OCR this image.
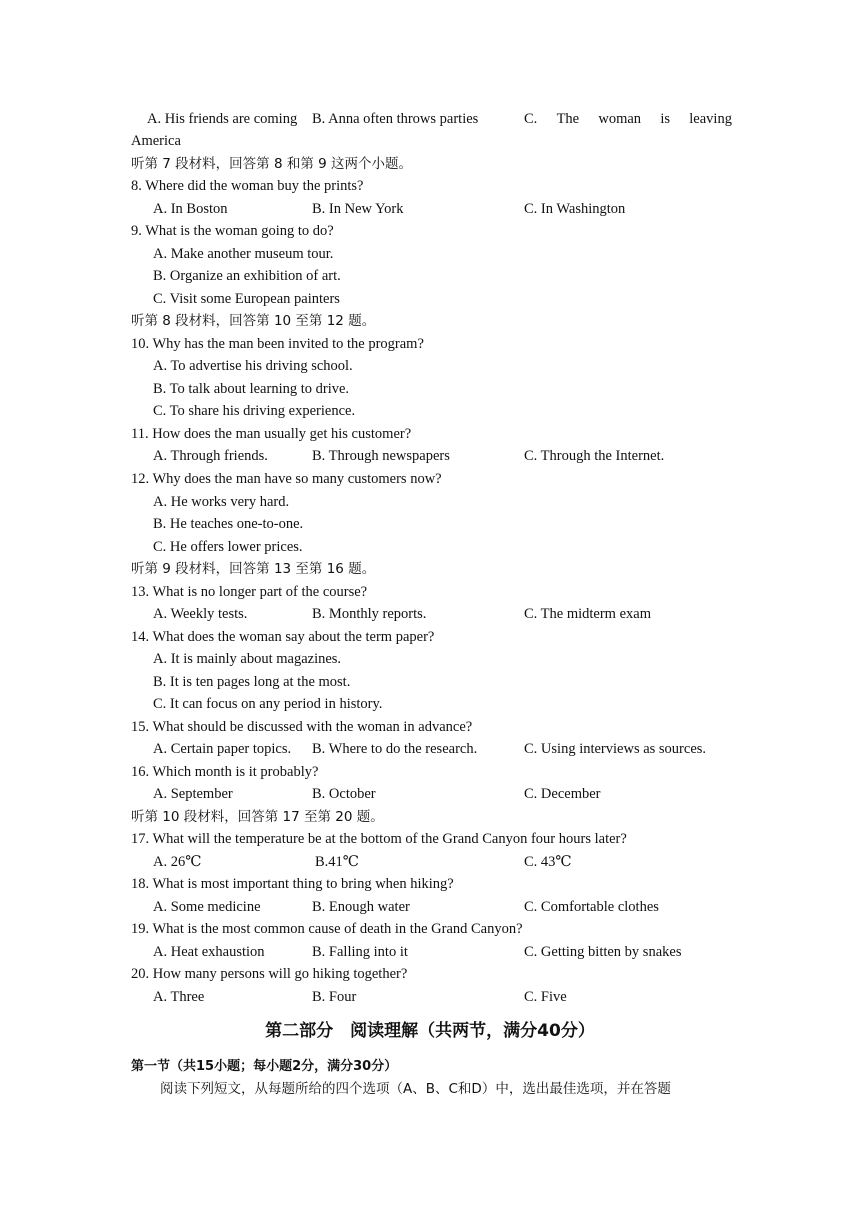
A. His friends are coming B. Anna often throws parties	C. The woman is leaving
America
听第 7 段材料，回答第 8 和第 9 这两个小题。
8. Where did the woman buy the prints?
A. In Boston	B. In New York	C. In Washington
9. What is the woman going to do?
A. Make another museum tour.
B. Organize an exhibition of art.
C. Visit some European painters
听第 8 段材料，回答第 10 至第 12 题。
10. Why has the man been invited to the program?
A. To advertise his driving school.
B. To talk about learning to drive.
C. To share his driving experience.
11. How does the man usually get his customer?
A. Through friends.	B. Through newspapers	C. Through the Internet.
12. Why does the man have so many customers now?
A. He works very hard.
B. He teaches one-to-one.
C. He offers lower prices.
听第 9 段材料，回答第 13 至第 16 题。
13. What is no longer part of the course?
A. Weekly tests.	B. Monthly reports.	C. The midterm exam
14. What does the woman say about the term paper?
A. It is mainly about magazines.
B. It is ten pages long at the most.
C. It can focus on any period in history.
15. What should be discussed with the woman in advance?
A. Certain paper topics. B. Where to do the research.	C. Using interviews as sources.
16. Which month is it probably?
A. September	B. October	C. December
听第 10 段材料，回答第 17 至第 20 题。
17. What will the temperature be at the bottom of the Grand Canyon four hours later?
A. 26℃	B.41℃	C. 43℃
18. What is most important thing to bring when hiking?
A. Some medicine	B. Enough water	C. Comfortable clothes
19. What is the most common cause of death in the Grand Canyon?
A. Heat exhaustion	B. Falling into it	C. Getting bitten by snakes
20. How many persons will go hiking together?
A. Three	B. Four	C. Five
第二部分　阅读理解（共两节，满分40分）
第一节（共15小题；每小题2分，满分30分）
阅读下列短文，从每题所给的四个选项（A、B、C和D）中，选出最佳选项，并在答题
